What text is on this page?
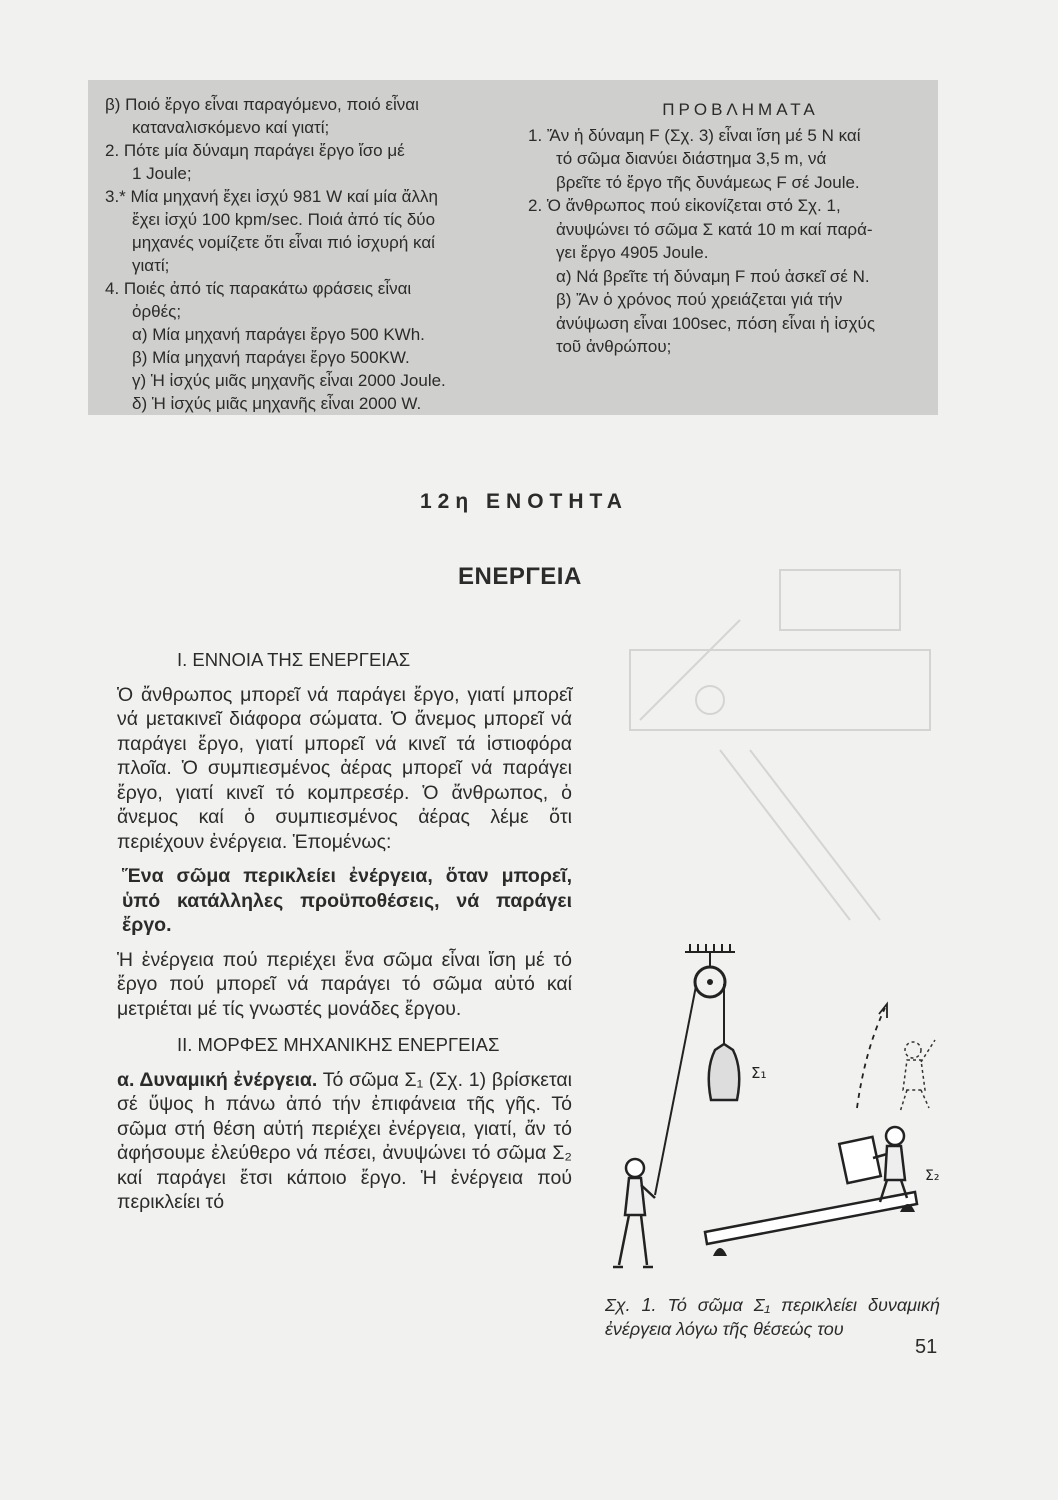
β) Ποιό ἔργο εἶναι παραγόμενο, ποιό εἶναι

καταναλισκόμενο καί γιατί;

2. Πότε μία δύναμη παράγει ἔργο ἴσο μέ

1 Joule;

3.* Μία μηχανή ἔχει ἰσχύ 981 W καί μία ἄλλη

ἔχει ἰσχύ 100 kpm/sec. Ποιά ἀπό τίς δύο

μηχανές νομίζετε ὅτι εἶναι πιό ἰσχυρή καί

γιατί;

4. Ποιές ἀπό τίς παρακάτω φράσεις εἶναι

ὀρθές;

α) Μία μηχανή παράγει ἔργο 500 KWh.

β) Μία μηχανή παράγει ἔργο 500KW.

γ) Ἡ ἰσχύς μιᾶς μηχανῆς εἶναι 2000 Joule.

δ) Ἡ ἰσχύς μιᾶς μηχανῆς εἶναι 2000 W.

ΠΡΟΒΛΗΜΑΤΑ

1. Ἄν ἡ δύναμη F (Σχ. 3) εἶναι ἴση μέ 5 N καί

τό σῶμα διανύει διάστημα 3,5 m, νά

βρεῖτε τό ἔργο τῆς δυνάμεως F σέ Joule.

2. Ὁ ἄνθρωπος πού εἰκονίζεται στό Σχ. 1,

ἀνυψώνει τό σῶμα Σ κατά 10 m καί παρά-

γει ἔργο 4905 Joule.

α) Νά βρεῖτε τή δύναμη F πού ἀσκεῖ σέ N.

β) Ἄν ὁ χρόνος πού χρειάζεται γιά τήν

ἀνύψωση εἶναι 100sec, πόση εἶναι ἡ ἰσχύς

τοῦ ἀνθρώπου;

12η ΕΝΟΤΗΤΑ
ΕΝΕΡΓΕΙΑ

I. ΕΝΝΟΙΑ ΤΗΣ ΕΝΕΡΓΕΙΑΣ

Ὁ ἄνθρωπος μπορεῖ νά παράγει ἔργο, γιατί μπορεῖ νά μετακινεῖ διάφορα σώματα. Ὁ ἄνεμος μπορεῖ νά παράγει ἔργο, γιατί μπορεῖ νά κινεῖ τά ἱστιοφόρα πλοῖα. Ὁ συμπιεσμένος ἀέρας μπορεῖ νά παράγει ἔργο, γιατί κινεῖ τό κομπρεσέρ. Ὁ ἄνθρωπος, ὁ ἄνεμος καί ὁ συμπιεσμένος ἀέρας λέμε ὅτι περιέχουν ἐνέργεια. Ἑπομένως:

Ἕνα σῶμα περικλείει ἐνέργεια, ὅταν μπορεῖ, ὑπό κατάλληλες προϋποθέσεις, νά παράγει ἔργο.

Ἡ ἐνέργεια πού περιέχει ἕνα σῶμα εἶναι ἴση μέ τό ἔργο πού μπορεῖ νά παράγει τό σῶμα αὐτό καί μετριέται μέ τίς γνωστές μονάδες ἔργου.

II. ΜΟΡΦΕΣ ΜΗΧΑΝΙΚΗΣ ΕΝΕΡΓΕΙΑΣ

α. Δυναμική ἐνέργεια. Τό σῶμα Σ₁ (Σχ. 1) βρίσκεται σέ ὕψος h πάνω ἀπό τήν ἐπιφάνεια τῆς γῆς. Τό σῶμα στή θέση αὐτή περιέχει ἐνέργεια, γιατί, ἄν τό ἀφήσουμε ἐλεύθερο νά πέσει, ἀνυψώνει τό σῶμα Σ₂ καί παράγει ἔτσι κάποιο ἔργο. Ἡ ἐνέργεια πού περικλείει τό

Σ₁
Σ₂
Σχ. 1. Τό σῶμα Σ₁ περικλείει δυναμική ἐνέργεια λόγω τῆς θέσεώς του
51
